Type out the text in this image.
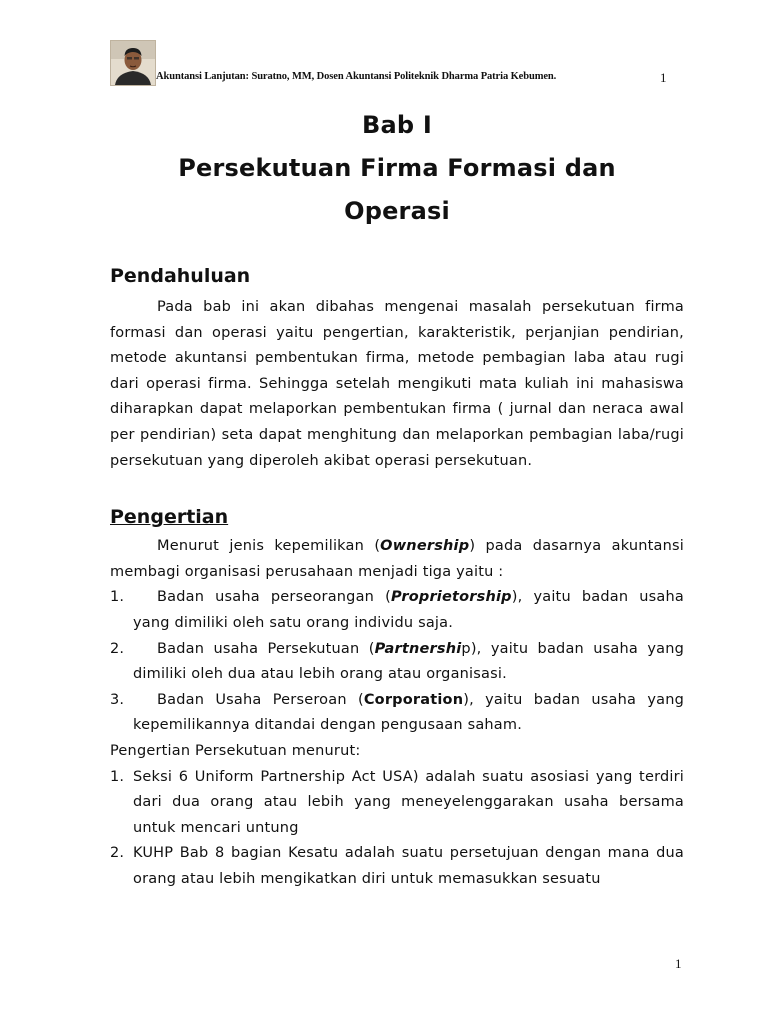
Akuntansi Lanjutan: Suratno, MM, Dosen Akuntansi Politeknik Dharma Patria Kebumen.	1

Bab I

Persekutuan Firma Formasi dan

Operasi

Pendahuluan

Pada bab ini akan dibahas mengenai masalah persekutuan firma formasi dan operasi yaitu pengertian, karakteristik, perjanjian pendirian, metode akuntansi pembentukan firma, metode pembagian laba atau rugi dari operasi firma. Sehingga setelah mengikuti mata kuliah ini mahasiswa diharapkan dapat melaporkan pembentukan firma ( jurnal dan neraca awal per pendirian) seta dapat menghitung dan melaporkan pembagian laba/rugi persekutuan yang diperoleh akibat operasi persekutuan.

Pengertian

Menurut jenis kepemilikan (Ownership) pada dasarnya akuntansi membagi organisasi perusahaan menjadi tiga yaitu :

1.	Badan usaha perseorangan (Proprietorship), yaitu badan usaha yang dimiliki oleh satu orang individu saja.
2.	Badan usaha Persekutuan (Partnership), yaitu badan usaha yang dimiliki oleh dua atau lebih orang atau organisasi.
3.	Badan Usaha Perseroan (Corporation), yaitu badan usaha yang kepemilikannya ditandai dengan pengusaan saham.

Pengertian Persekutuan menurut:

1. Seksi 6 Uniform Partnership Act USA) adalah suatu asosiasi yang terdiri dari dua orang atau lebih yang meneyelenggarakan usaha bersama untuk mencari untung
2. KUHP Bab 8 bagian Kesatu adalah suatu persetujuan dengan mana dua orang atau lebih mengikatkan diri untuk memasukkan sesuatu
1
